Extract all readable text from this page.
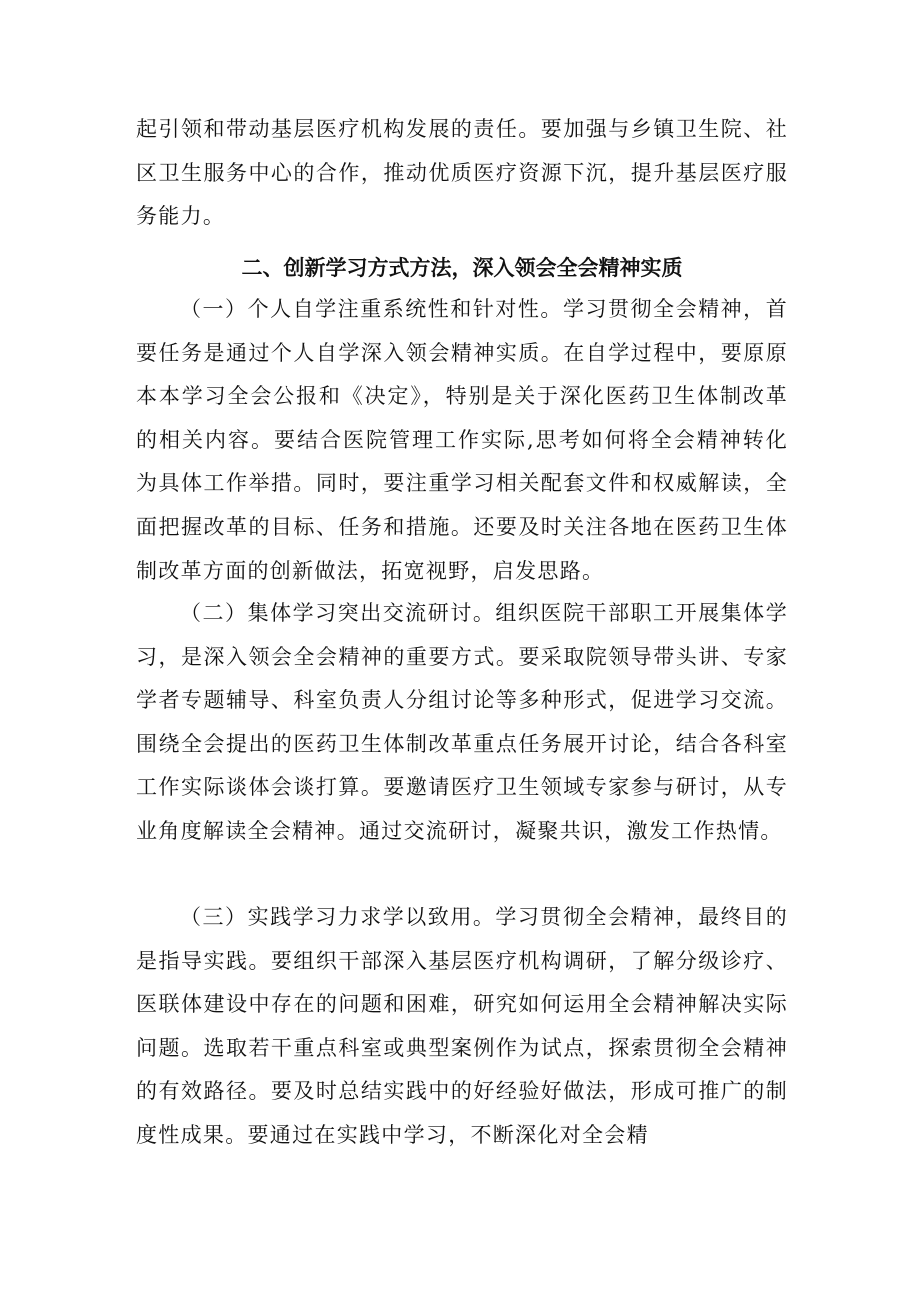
起引领和带动基层医疗机构发展的责任。要加强与乡镇卫生院、社区卫生服务中心的合作，推动优质医疗资源下沉，提升基层医疗服务能力。

二、创新学习方式方法，深入领会全会精神实质

（一）个人自学注重系统性和针对性。学习贯彻全会精神，首要任务是通过个人自学深入领会精神实质。在自学过程中，要原原本本学习全会公报和《决定》，特别是关于深化医药卫生体制改革的相关内容。要结合医院管理工作实际,思考如何将全会精神转化为具体工作举措。同时，要注重学习相关配套文件和权威解读，全面把握改革的目标、任务和措施。还要及时关注各地在医药卫生体制改革方面的创新做法，拓宽视野，启发思路。

（二）集体学习突出交流研讨。组织医院干部职工开展集体学习，是深入领会全会精神的重要方式。要采取院领导带头讲、专家学者专题辅导、科室负责人分组讨论等多种形式，促进学习交流。围绕全会提出的医药卫生体制改革重点任务展开讨论，结合各科室工作实际谈体会谈打算。要邀请医疗卫生领域专家参与研讨，从专业角度解读全会精神。通过交流研讨，凝聚共识，激发工作热情。

（三）实践学习力求学以致用。学习贯彻全会精神，最终目的是指导实践。要组织干部深入基层医疗机构调研，了解分级诊疗、医联体建设中存在的问题和困难，研究如何运用全会精神解决实际问题。选取若干重点科室或典型案例作为试点，探索贯彻全会精神的有效路径。要及时总结实践中的好经验好做法，形成可推广的制度性成果。要通过在实践中学习，不断深化对全会精
